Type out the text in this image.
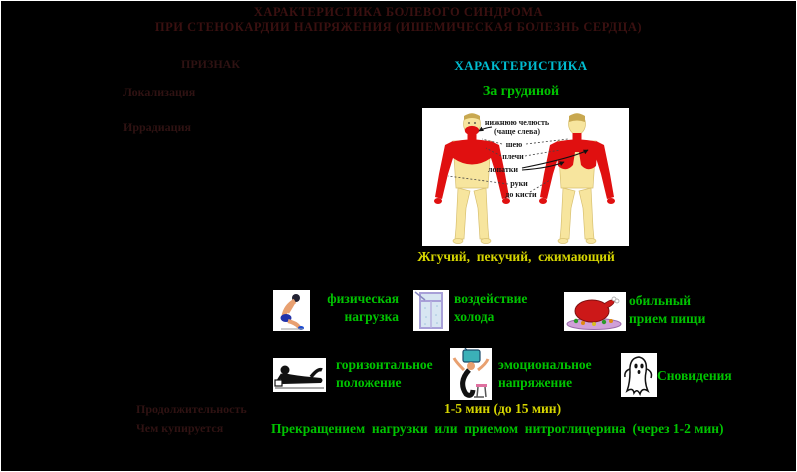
ХАРАКТЕРИСТИКА БОЛЕВОГО СИНДРОМА
ПРИ СТЕНОКАРДИИ НАПРЯЖЕНИЯ (ИШЕМИЧЕСКАЯ БОЛЕЗНЬ СЕРДЦА)
ПРИЗНАК	ХАРАКТЕРИСТИКА
Локализация	За грудиной
Иррадиация	нижнюю челюсть
(чаще слева)
шею
плечи
лопатки
руки
до кисти
Жгучий,  пекучий,  сжимающий
физическая
нагрузка
воздействие
холода
обильный
прием пищи
горизонтальное
положение
эмоциональное
напряжение	Сновидения
Продолжительность	1-5 мин (до 15 мин)
Чем купируется	Прекращением  нагрузки  или  приемом  нитроглицерина  (через 1-2 мин)
